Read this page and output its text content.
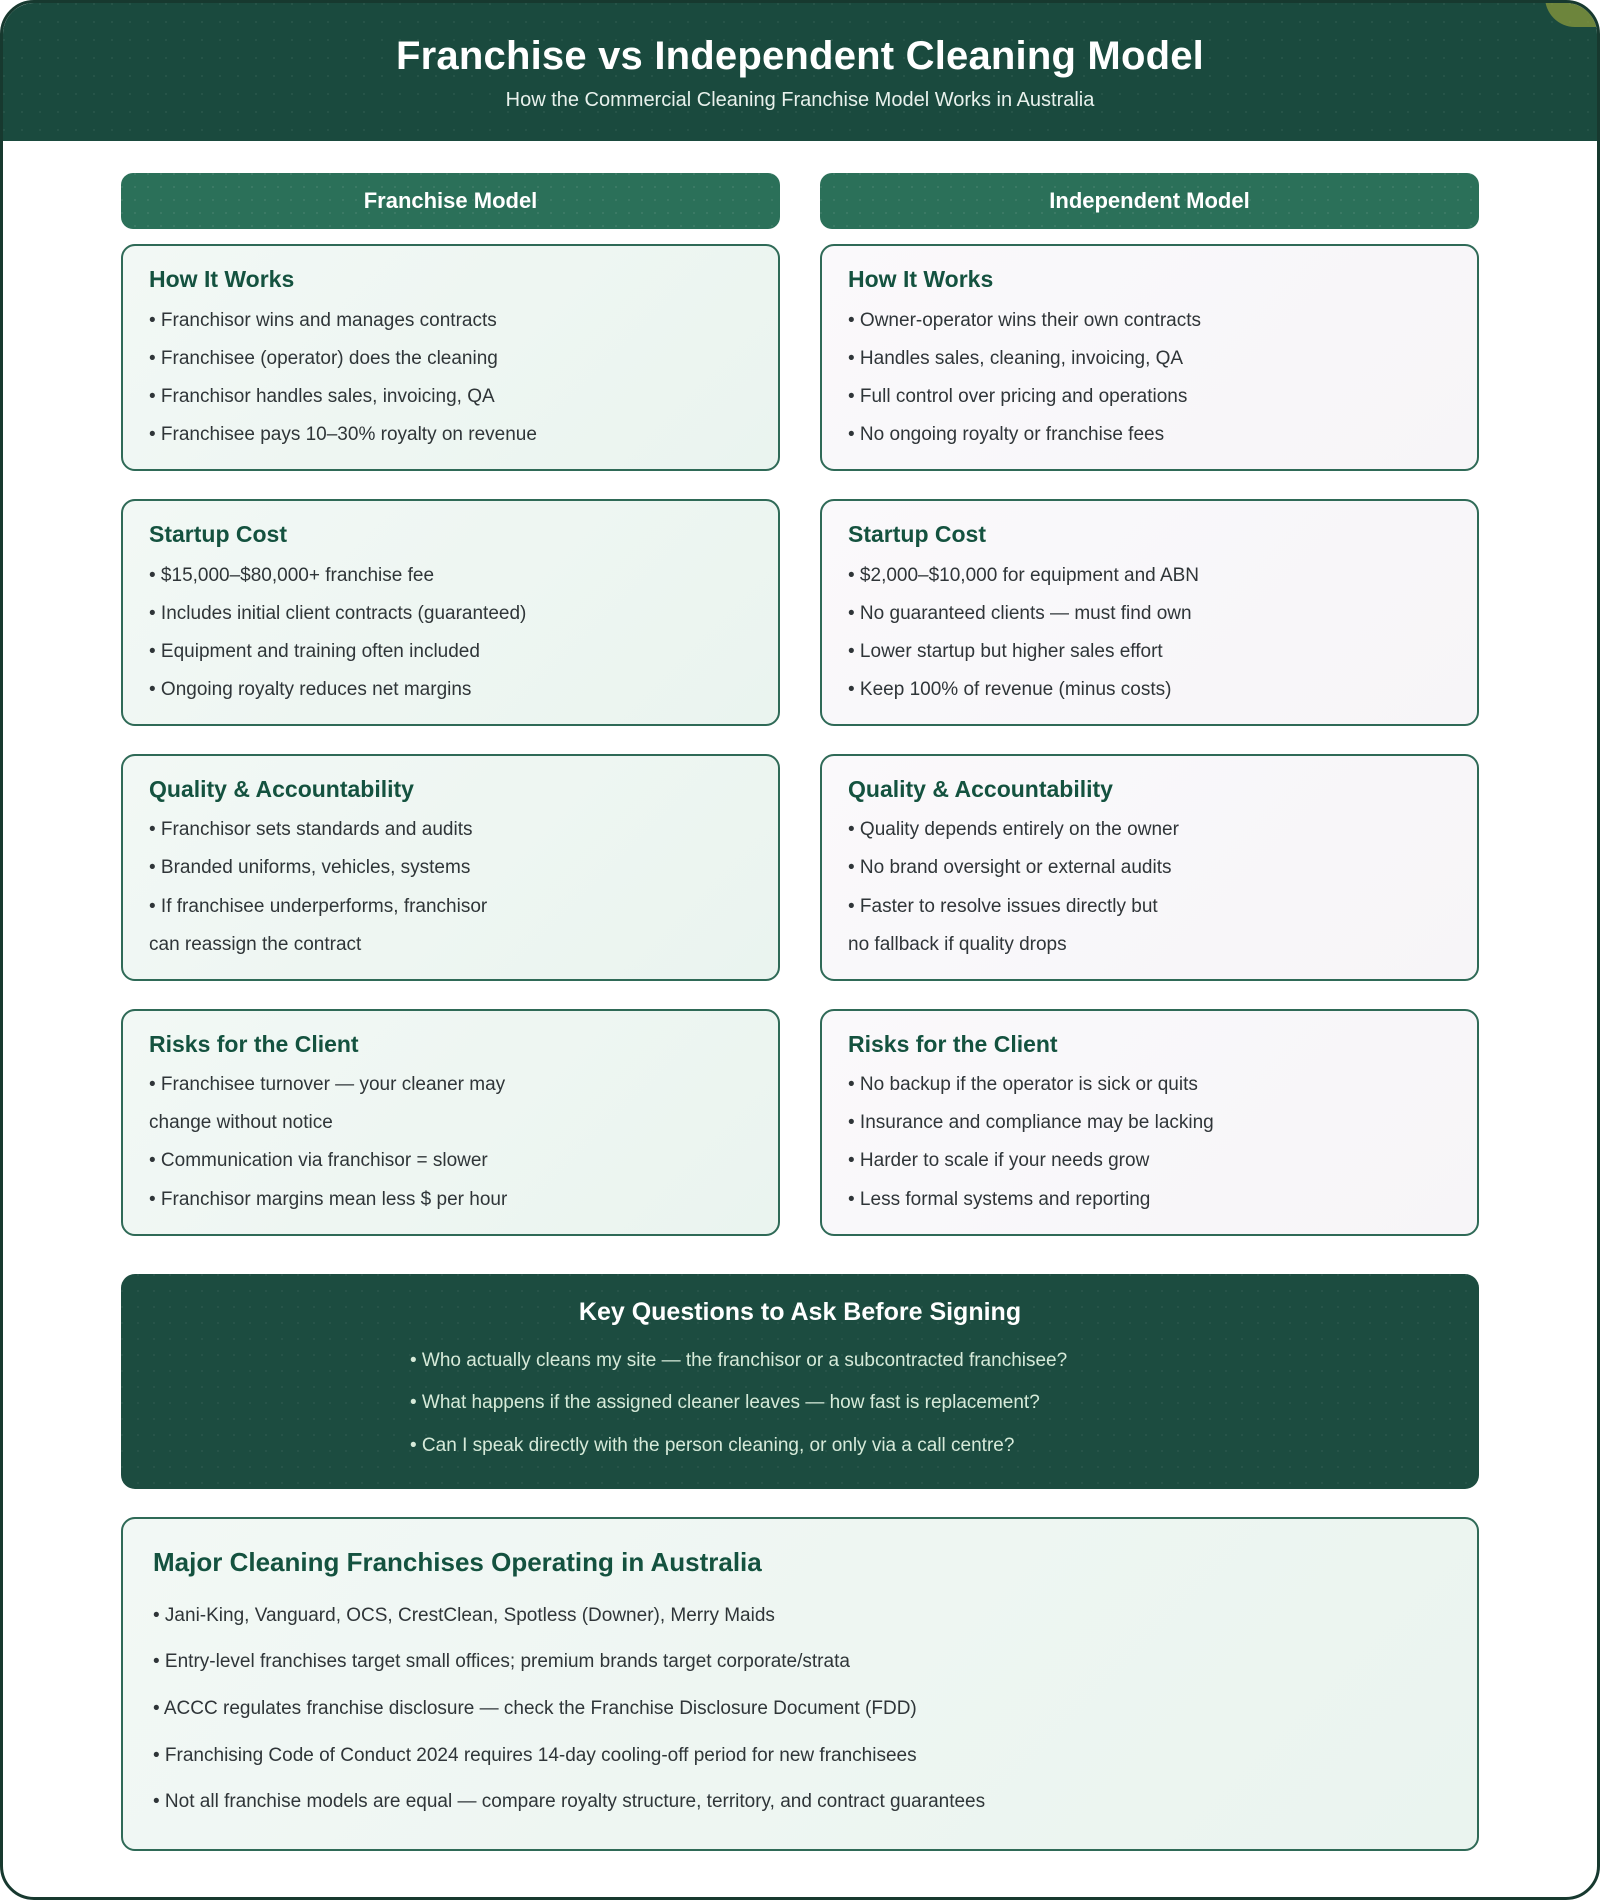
Franchise vs Independent Cleaning Model
How the Commercial Cleaning Franchise Model Works in Australia
Franchise Model
How It Works

• Franchisor wins and manages contracts

• Franchisee (operator) does the cleaning

• Franchisor handles sales, invoicing, QA

• Franchisee pays 10–30% royalty on revenue

Startup Cost

• $15,000–$80,000+ franchise fee

• Includes initial client contracts (guaranteed)

• Equipment and training often included

• Ongoing royalty reduces net margins

Quality & Accountability

• Franchisor sets standards and audits

• Branded uniforms, vehicles, systems

• If franchisee underperforms, franchisor

can reassign the contract

Risks for the Client

• Franchisee turnover — your cleaner may

change without notice

• Communication via franchisor = slower

• Franchisor margins mean less $ per hour

Independent Model
How It Works

• Owner-operator wins their own contracts

• Handles sales, cleaning, invoicing, QA

• Full control over pricing and operations

• No ongoing royalty or franchise fees

Startup Cost

• $2,000–$10,000 for equipment and ABN

• No guaranteed clients — must find own

• Lower startup but higher sales effort

• Keep 100% of revenue (minus costs)

Quality & Accountability

• Quality depends entirely on the owner

• No brand oversight or external audits

• Faster to resolve issues directly but

no fallback if quality drops

Risks for the Client

• No backup if the operator is sick or quits

• Insurance and compliance may be lacking

• Harder to scale if your needs grow

• Less formal systems and reporting

Key Questions to Ask Before Signing

• Who actually cleans my site — the franchisor or a subcontracted franchisee?

• What happens if the assigned cleaner leaves — how fast is replacement?

• Can I speak directly with the person cleaning, or only via a call centre?

Major Cleaning Franchises Operating in Australia

• Jani-King, Vanguard, OCS, CrestClean, Spotless (Downer), Merry Maids

• Entry-level franchises target small offices; premium brands target corporate/strata

• ACCC regulates franchise disclosure — check the Franchise Disclosure Document (FDD)

• Franchising Code of Conduct 2024 requires 14-day cooling-off period for new franchisees

• Not all franchise models are equal — compare royalty structure, territory, and contract guarantees
